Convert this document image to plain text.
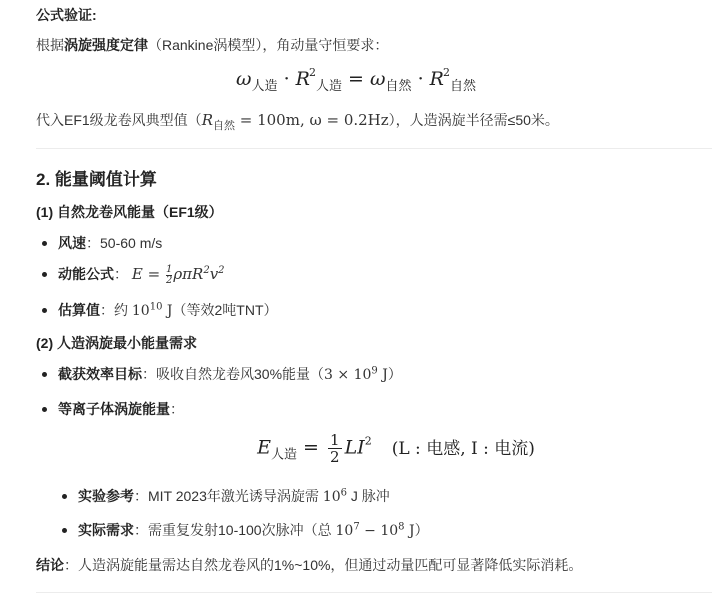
公式验证:
根据涡旋强度定律（Rankine涡模型），角动量守恒要求：
$\omega_{人造} \cdot R^2_{人造} = \omega_{自然} \cdot R^2_{自然}$
代入EF1级龙卷风典型值（$R_{自然} = 100m$, ω = 0.2Hz），人造涡旋半径需≤50米。
2. 能量阈值计算
(1) 自然龙卷风能量（EF1级）
风速：50-60 m/s
动能公式： $E = \frac{1}{2}\rho\pi R^2v^2$
估算值：约 $10^{10}$ J（等效2吨TNT）
(2) 人造涡旋最小能量需求
截获效率目标：吸收自然龙卷风30%能量（$3 \times 10^9$ J）
等离子体涡旋能量：
$E_{人造} = \frac{1}{2} LI^2$ (L : 电感, I : 电流)
实验参考：MIT 2023年激光诱导涡旋需 $10^6$ J 脉冲
实际需求：需重复发射10-100次脉冲（总 $10^7 - 10^8$ J）
结论：人造涡旋能量需达自然龙卷风的1%~10%，但通过动量匹配可显著降低实际消耗。
